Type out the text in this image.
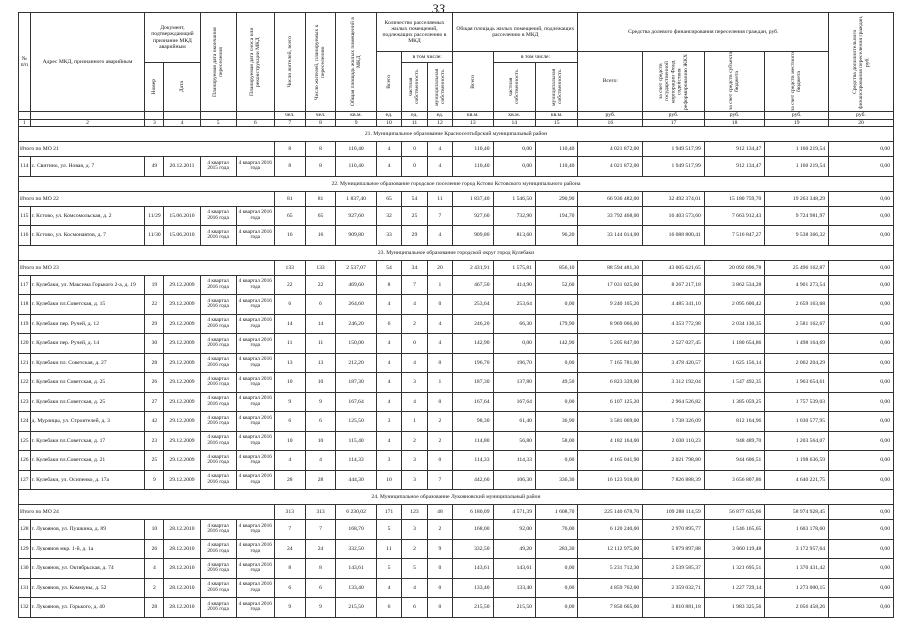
33
№ п/п	Адрес МКД, признанного аварийным	Документ, подтверждающий признание МКД аварийным		Планируемая дата окончания переселения	Планируемая дата сноса или реконструкции МКД	Число жителей, всего	Число жителей, планируемых к переселению	Общая площадь жилых помещений в МКД	Количество расселяемых жилых помещений, подлежащих расселению в МКД			Общая площадь жилых помещений, подлежащих расселению в МКД			Средства долевого финансирования переселения граждан, руб.				Средства дополнительного финансирования переселения граждан, руб.

									Всего	в том числе:		Всего	в том числе:		Всего:	за счет средств государственной корпорации Фонд содействия реформированию ЖКХ	за счет средств субъекта бюджета	за счет средств местного бюджета	

		Номер	Дата							частная собственность	муниципальная собственность		частная собственность	муниципальная собственность					

						чел.	чел.	кв.м.	ед.	ед.	ед.	кв.м.	кв.м.	кв.м.	руб.	руб.	руб.	руб.	руб.
1	2	3	4	5	6	7	8	9	10	11	12	13	14	15	16	17	18	19	20
21. Муниципальное образование Красноселтьбрский муниципальный район																			
Итого по МО 21						8	8	110,40	4	0	4	110,40	0,00	110,40	4 021 872,00	1 949 517,99	912 134,47	1 160 219,54	0,00
114	с. Свитино, ул. Новая, д. 7	49	20.12.2011	4 квартал 2015 года	4 квартал 2016 года	8	8	110,40	4	0	4	110,40	0,00	110,40	4 021 872,00	1 949 517,99	912 134,47	1 160 219,54	0,00
22. Муниципальное образование городское поселение город Кстово Кстовского муниципального района																			
Итого по МО 22						81	81	1 837,40	65	54	11	1 837,40	1 546,50	290,90	66 936 482,00	32 492 374,01	15 180 759,70	19 263 348,29	0,00
115	г. Кстово, ул. Комсомольская, д. 2	11/29	15.06.2010	4 квартал 2016 года	4 квартал 2016 года	65	65	927,60	32	25	7	927,60	732,90	194,70	33 792 468,00	16 403 573,60	7 663 912,43	9 724 981,97	0,00
116	г. Кстово, ул. Космонавтов, д. 7	11/30	15.06.2010	4 квартал 2016 года	4 квартал 2016 года	16	16	909,80	33	29	4	909,80	813,60	96,20	33 144 014,00	16 088 800,41	7 516 847,27	9 538 366,32	0,00
23. Муниципальное образование городской округ город Кулебаки																			
Итого по МО 23						133	133	2 537,07	54	34	20	2 431,91	1 575,81	856,10	88 594 481,30	43 005 621,65	20 092 696,78	25 496 162,87	0,00
117	г. Кулебаки, ул. Максима Горького 2-а, д. 19	19	29.12.2009	4 квартал 2016 года	4 квартал 2016 года	22	22	469,60	8	7	1	467,50	414,90	52,60	17 031 025,00	8 267 217,18	3 862 534,28	4 901 273,54	0,00
118	г. Кулебаки пл.Советская, д. 15	22	29.12.2009	4 квартал 2016 года	4 квартал 2016 года	6	6	264,60	4	4	0	253,64	253,64	0,00	9 240 105,20	4 485 341,10	2 095 600,42	2 659 163,68	0,00
119	г. Кулебаки пер. Ручей, д. 12	29	29.12.2009	4 квартал 2016 года	4 квартал 2016 года	14	14	246,20	6	2	4	246,20	66,30	179,90	8 969 066,00	4 353 772,98	2 034 130,35	2 581 162,67	0,00
120	г. Кулебаки пер. Ручей, д. 14	30	29.12.2009	4 квартал 2016 года	4 квартал 2016 года	11	11	150,00	4	0	4	142,90	0,00	142,90	5 205 847,00	2 527 027,45	1 180 654,86	1 498 164,69	0,00
121	г. Кулебаки пл. Советская, д. 27	28	29.12.2009	4 квартал 2016 года	4 квартал 2016 года	13	13	212,20	4	4	0	196,70	196,70	0,00	7 165 781,00	3 478 420,57	1 625 156,14	2 062 204,29	0,00
122	г. Кулебаки пл Советская, д. 25	26	29.12.2009	4 квартал 2016 года	4 квартал 2016 года	10	10	187,30	4	3	1	187,30	137,80	49,50	6 823 339,00	3 312 192,04	1 547 492,35	1 963 654,61	0,00
123	г. Кулебаки пл.Советская, д. 25	27	29.12.2009	4 квартал 2016 года	4 квартал 2016 года	9	9	167,64	4	4	0	167,64	167,64	0,00	6 107 125,20	2 964 526,82	1 385 059,25	1 757 539,03	0,00
124	д. Мурзицы, ул. Строителей, д. 3	42	29.12.2009	4 квартал 2016 года	4 квартал 2016 года	6	6	125,50	3	1	2	98,30	61,40	36,90	3 581 069,00	1 738 326,09	812 164,96	1 030 577,95	0,00
125	г. Кулебаки пл.Советская, д. 17	23	29.12.2009	4 квартал 2016 года	4 квартал 2016 года	10	10	115,40	4	2	2	114,80	56,80	58,00	4 182 164,00	2 030 110,23	948 489,70	1 203 564,07	0,00
126	г. Кулебаки пл.Советская, д. 21	25	29.12.2009	4 квартал 2016 года	4 квартал 2016 года	4	4	114,33	3	3	0	114,33	114,33	0,00	4 165 041,90	2 021 798,80	944 606,51	1 198 636,59	0,00
127	г. Кулебаки, ул. Осипенко, д. 17а	9	29.12.2009	4 квартал 2016 года	4 квартал 2016 года	28	28	444,30	10	3	7	442,60	106,30	336,30	16 123 918,00	7 826 888,39	3 656 807,86	4 640 221,75	0,00
24. Муниципальное образование Лукояновский муниципальный район																			
Итого по МО 24						313	313	6 230,02	171	123	48	6 180,09	4 571,39	1 608,70	225 140 678,70	109 288 114,59	56 877 635,66	58 974 928,45	0,00
128	г. Лукоянов, ул. Пушкина, д. 89	10	28.12.2010	4 квартал 2016 года	4 квартал 2016 года	7	7	168,70	5	3	2	168,00	92,00	76,00	6 120 240,00	2 970 895,77	1 546 165,65	1 603 178,60	0,00
129	г. Лукоянов мкр. 1-й, д. 1а	26	28.12.2010	4 квартал 2016 года	4 квартал 2016 года	24	24	332,50	11	2	9	332,50	49,20	283,30	12 112 975,00	5 879 897,88	3 060 119,48	3 172 957,64	0,00
130	г. Лукоянов, ул. Октябрьская, д. 74	4	28.12.2010	4 квартал 2016 года	4 квартал 2016 года	8	8	143,61	5	5	0	143,61	143,61	0,00	5 231 712,30	2 539 585,37	1 321 695,51	1 370 431,42	0,00
131	г. Лукоянов, ул. Коммуны, д. 52	2	28.12.2010	4 квартал 2016 года	4 квартал 2016 года	6	6	133,40	4	4	0	133,40	133,40	0,00	4 859 762,00	2 359 032,71	1 227 729,14	1 273 000,15	0,00
132	г. Лукоянов, ул. Горького, д. 40	28	28.12.2010	4 квартал 2016 года	4 квартал 2016 года	9	9	215,50	6	6	0	215,50	215,50	0,00	7 850 665,00	3 810 881,18	1 983 325,56	2 056 458,26	0,00
